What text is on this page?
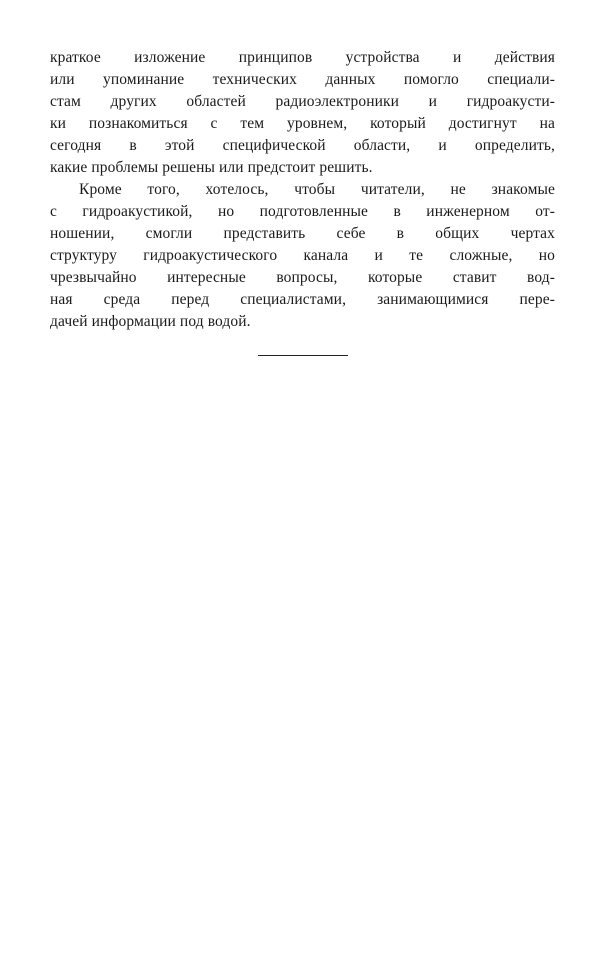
краткое изложение принципов устройства и действия
или упоминание технических данных помогло специали-
стам других областей радиоэлектроники и гидроакусти-
ки познакомиться с тем уровнем, который достигнут на
сегодня в этой специфической области, и определить,
какие проблемы решены или предстоит решить.
Кроме того, хотелось, чтобы читатели, не знакомые
с гидроакустикой, но подготовленные в инженерном от-
ношении, смогли представить себе в общих чертах
структуру гидроакустического канала и те сложные, но
чрезвычайно интересные вопросы, которые ставит вод-
ная среда перед специалистами, занимающимися пере-
дачей информации под водой.
